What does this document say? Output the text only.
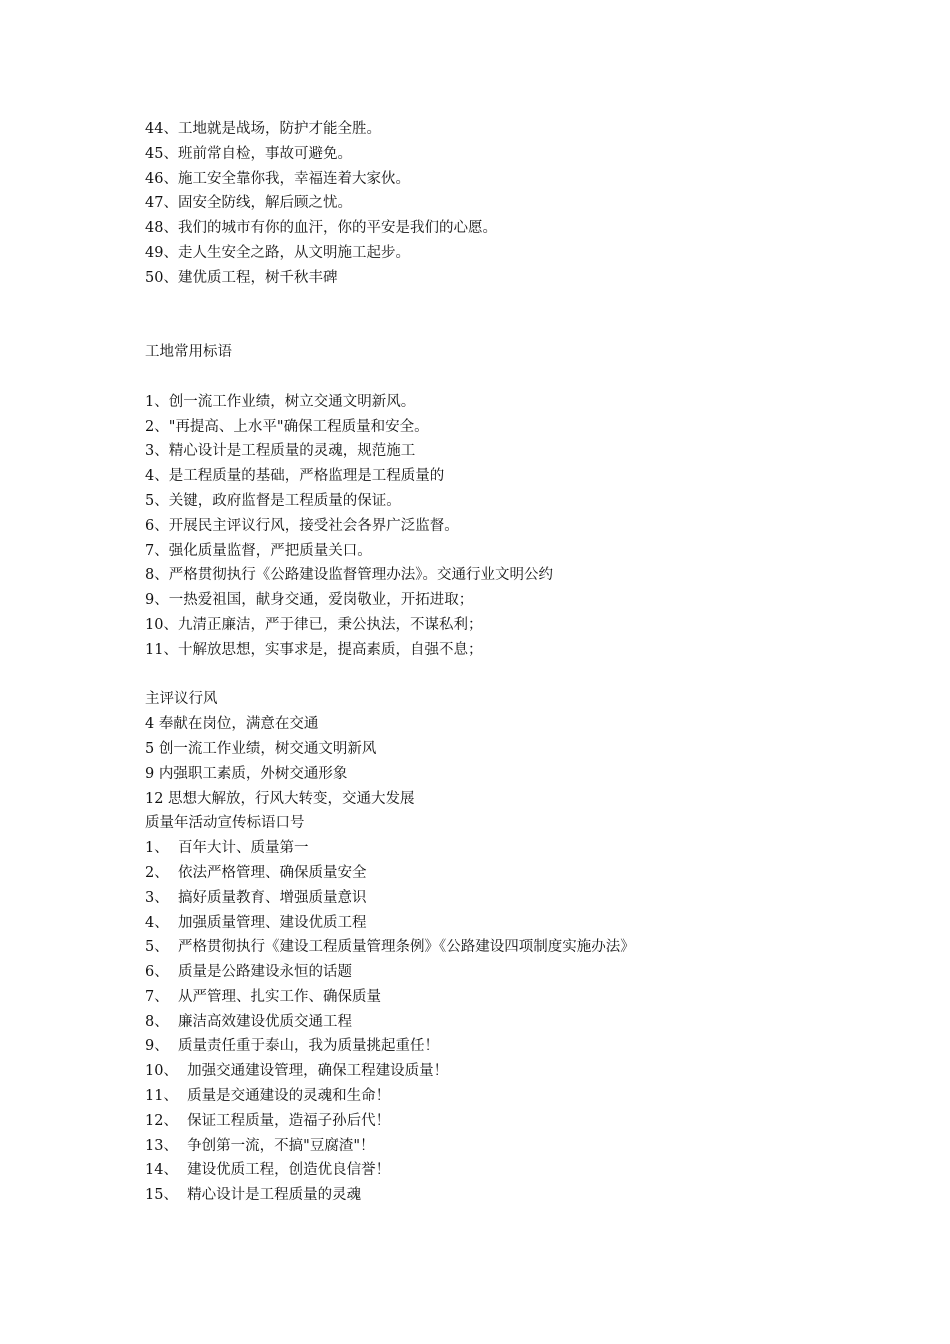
44、工地就是战场，防护才能全胜。
45、班前常自检，事故可避免。
46、施工安全靠你我，幸福连着大家伙。
47、固安全防线，解后顾之忧。
48、我们的城市有你的血汗，你的平安是我们的心愿。
49、走人生安全之路，从文明施工起步。
50、建优质工程，树千秋丰碑
工地常用标语
1、创一流工作业绩，树立交通文明新风。
2、"再提高、上水平"确保工程质量和安全。
3、精心设计是工程质量的灵魂，规范施工
4、是工程质量的基础，严格监理是工程质量的
5、关键，政府监督是工程质量的保证。
6、开展民主评议行风，接受社会各界广泛监督。
7、强化质量监督，严把质量关口。
8、严格贯彻执行《公路建设监督管理办法》。交通行业文明公约
9、一热爱祖国，献身交通，爱岗敬业，开拓进取；
10、九清正廉洁，严于律已，秉公执法，不谋私利；
11、十解放思想，实事求是，提高素质，自强不息；
主评议行风
4 奉献在岗位，满意在交通
5 创一流工作业绩，树交通文明新风
9 内强职工素质，外树交通形象
12 思想大解放，行风大转变，交通大发展
质量年活动宣传标语口号
1、  百年大计、质量第一
2、  依法严格管理、确保质量安全
3、  搞好质量教育、增强质量意识
4、  加强质量管理、建设优质工程
5、  严格贯彻执行《建设工程质量管理条例》《公路建设四项制度实施办法》
6、  质量是公路建设永恒的话题
7、  从严管理、扎实工作、确保质量
8、  廉洁高效建设优质交通工程
9、  质量责任重于泰山，我为质量挑起重任！
10、  加强交通建设管理，确保工程建设质量！
11、  质量是交通建设的灵魂和生命！
12、  保证工程质量，造福子孙后代！
13、  争创第一流，不搞"豆腐渣"！
14、  建设优质工程，创造优良信誉！
15、  精心设计是工程质量的灵魂
